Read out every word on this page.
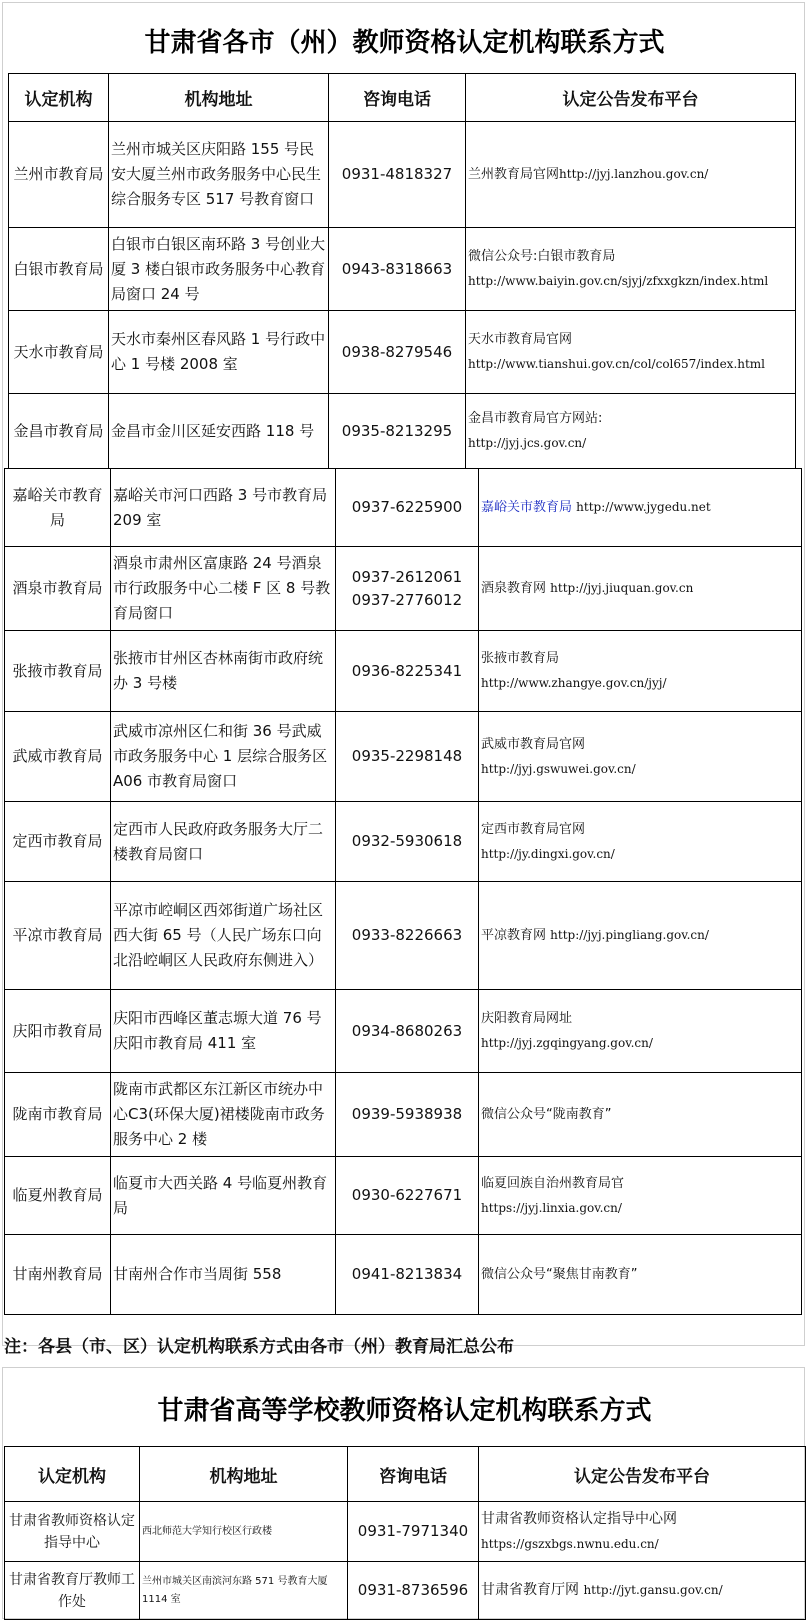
甘肃省各市（州）教师资格认定机构联系方式
认定机构	机构地址	咨询电话	认定公告发布平台
兰州市教育局	兰州市城关区庆阳路 155 号民安大厦兰州市政务服务中心民生综合服务专区 517 号教育窗口	0931-4818327	兰州教育局官网http://jyj.lanzhou.gov.cn/
白银市教育局	白银市白银区南环路 3 号创业大厦 3 楼白银市政务服务中心教育局窗口 24 号	0943-8318663	微信公众号:白银市教育局
http://www.baiyin.gov.cn/sjyj/zfxxgkzn/index.html

天水市教育局	天水市秦州区春风路 1 号行政中心 1 号楼 2008 室	0938-8279546	天水市教育局官网
http://www.tianshui.gov.cn/col/col657/index.html

金昌市教育局	金昌市金川区延安西路 118 号	0935-8213295	金昌市教育局官方网站:
http://jyj.jcs.gov.cn/
嘉峪关市教育局	嘉峪关市河口西路 3 号市教育局 209 室	0937-6225900	嘉峪关市教育局 http://www.jygedu.net
酒泉市教育局	酒泉市肃州区富康路 24 号酒泉市行政服务中心二楼 F 区 8 号教育局窗口	0937-2612061
0937-2776012	酒泉教育网 http://jyj.jiuquan.gov.cn
张掖市教育局	张掖市甘州区杏林南街市政府统办 3 号楼	0936-8225341	张掖市教育局
http://www.zhangye.gov.cn/jyj/

武威市教育局	武威市凉州区仁和街 36 号武威市政务服务中心 1 层综合服务区 A06 市教育局窗口	0935-2298148	武威市教育局官网
http://jyj.gswuwei.gov.cn/

定西市教育局	定西市人民政府政务服务大厅二楼教育局窗口	0932-5930618	定西市教育局官网
http://jy.dingxi.gov.cn/

平凉市教育局	平凉市崆峒区西郊街道广场社区西大街 65 号（人民广场东口向北沿崆峒区人民政府东侧进入）	0933-8226663	平凉教育网 http://jyj.pingliang.gov.cn/
庆阳市教育局	庆阳市西峰区董志塬大道 76 号庆阳市教育局 411 室	0934-8680263	庆阳教育局网址
http://jyj.zgqingyang.gov.cn/

陇南市教育局	陇南市武都区东江新区市统办中心C3(环保大厦)裙楼陇南市政务服务中心 2 楼	0939-5938938	微信公众号“陇南教育”

临夏州教育局	临夏市大西关路 4 号临夏州教育局	0930-6227671	临夏回族自治州教育局官
https://jyj.linxia.gov.cn/

甘南州教育局	甘南州合作市当周街 558	0941-8213834	微信公众号“聚焦甘南教育”
注：各县（市、区）认定机构联系方式由各市（州）教育局汇总公布
甘肃省高等学校教师资格认定机构联系方式
认定机构	机构地址	咨询电话	认定公告发布平台
甘肃省教师资格认定指导中心	西北师范大学知行校区行政楼	0931-7971340	甘肃省教师资格认定指导中心网
https://gszxbgs.nwnu.edu.cn/

甘肃省教育厅教师工作处	兰州市城关区南滨河东路 571 号教育大厦 1114 室	0931-8736596	甘肃省教育厅网 http://jyt.gansu.gov.cn/
